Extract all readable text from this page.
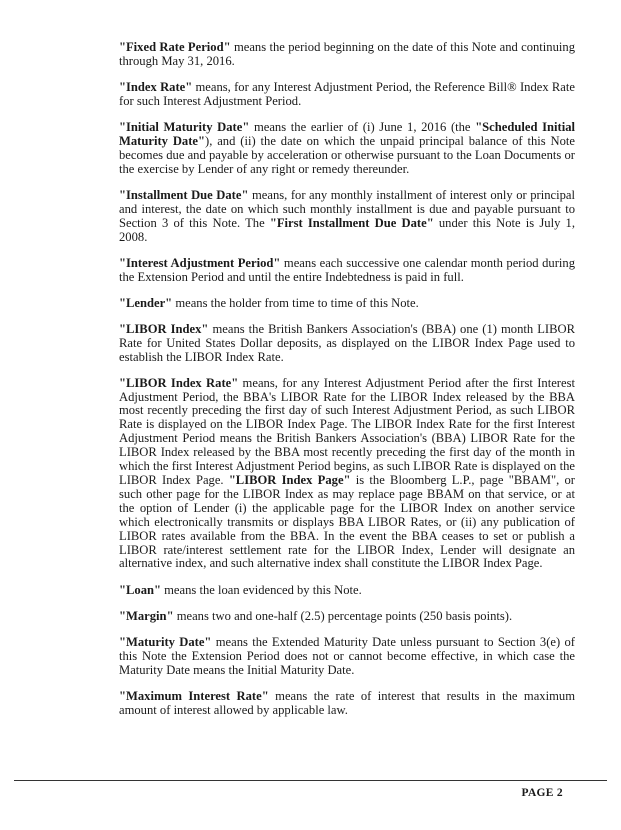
"Fixed Rate Period" means the period beginning on the date of this Note and continuing through May 31, 2016.

"Index Rate" means, for any Interest Adjustment Period, the Reference Bill® Index Rate for such Interest Adjustment Period.

"Initial Maturity Date" means the earlier of (i) June 1, 2016 (the "Scheduled Initial Maturity Date"), and (ii) the date on which the unpaid principal balance of this Note becomes due and payable by acceleration or otherwise pursuant to the Loan Documents or the exercise by Lender of any right or remedy thereunder.

"Installment Due Date" means, for any monthly installment of interest only or principal and interest, the date on which such monthly installment is due and payable pursuant to Section 3 of this Note. The "First Installment Due Date" under this Note is July 1, 2008.

"Interest Adjustment Period" means each successive one calendar month period during the Extension Period and until the entire Indebtedness is paid in full.

"Lender" means the holder from time to time of this Note.

"LIBOR Index" means the British Bankers Association's (BBA) one (1) month LIBOR Rate for United States Dollar deposits, as displayed on the LIBOR Index Page used to establish the LIBOR Index Rate.

"LIBOR Index Rate" means, for any Interest Adjustment Period after the first Interest Adjustment Period, the BBA's LIBOR Rate for the LIBOR Index released by the BBA most recently preceding the first day of such Interest Adjustment Period, as such LIBOR Rate is displayed on the LIBOR Index Page. The LIBOR Index Rate for the first Interest Adjustment Period means the British Bankers Association's (BBA) LIBOR Rate for the LIBOR Index released by the BBA most recently preceding the first day of the month in which the first Interest Adjustment Period begins, as such LIBOR Rate is displayed on the LIBOR Index Page. "LIBOR Index Page" is the Bloomberg L.P., page "BBAM", or such other page for the LIBOR Index as may replace page BBAM on that service, or at the option of Lender (i) the applicable page for the LIBOR Index on another service which electronically transmits or displays BBA LIBOR Rates, or (ii) any publication of LIBOR rates available from the BBA. In the event the BBA ceases to set or publish a LIBOR rate/interest settlement rate for the LIBOR Index, Lender will designate an alternative index, and such alternative index shall constitute the LIBOR Index Page.

"Loan" means the loan evidenced by this Note.

"Margin" means two and one-half (2.5) percentage points (250 basis points).

"Maturity Date" means the Extended Maturity Date unless pursuant to Section 3(e) of this Note the Extension Period does not or cannot become effective, in which case the Maturity Date means the Initial Maturity Date.

"Maximum Interest Rate" means the rate of interest that results in the maximum amount of interest allowed by applicable law.

PAGE 2
